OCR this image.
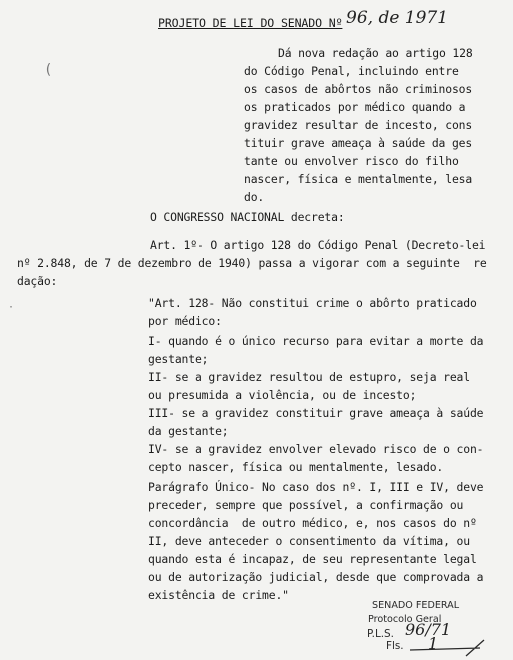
PROJETO DE LEI DO SENADO Nº 96, de 1971
(
Dá nova redação ao artigo 128
do Código Penal, incluindo entre
os casos de abôrtos não criminosos
os praticados por médico quando a
gravidez resultar de incesto, cons
tituir grave ameaça à saúde da ges
tante ou envolver risco do filho
nascer, física e mentalmente, lesa
do.
O CONGRESSO NACIONAL decreta:
Art. 1º- O artigo 128 do Código Penal (Decreto-lei
nº 2.848, de 7 de dezembro de 1940) passa a vigorar com a seguinte  re
dação:
·	"Art. 128- Não constitui crime o abôrto praticado
por médico:
I- quando é o único recurso para evitar a morte da
gestante;
II- se a gravidez resultou de estupro, seja real
ou presumida a violência, ou de incesto;
III- se a gravidez constituir grave ameaça à saúde
da gestante;
IV- se a gravidez envolver elevado risco de o con-
cepto nascer, física ou mentalmente, lesado.
Parágrafo Único- No caso dos nº. I, III e IV, deve
preceder, sempre que possível, a confirmação ou
concordância  de outro médico, e, nos casos do nº
II, deve anteceder o consentimento da vítima, ou
quando esta é incapaz, de seu representante legal
ou de autorização judicial, desde que comprovada a
existência de crime."
SENADO FEDERAL
Protocolo Geral
P.L.S. 96/71
Fls. 1
